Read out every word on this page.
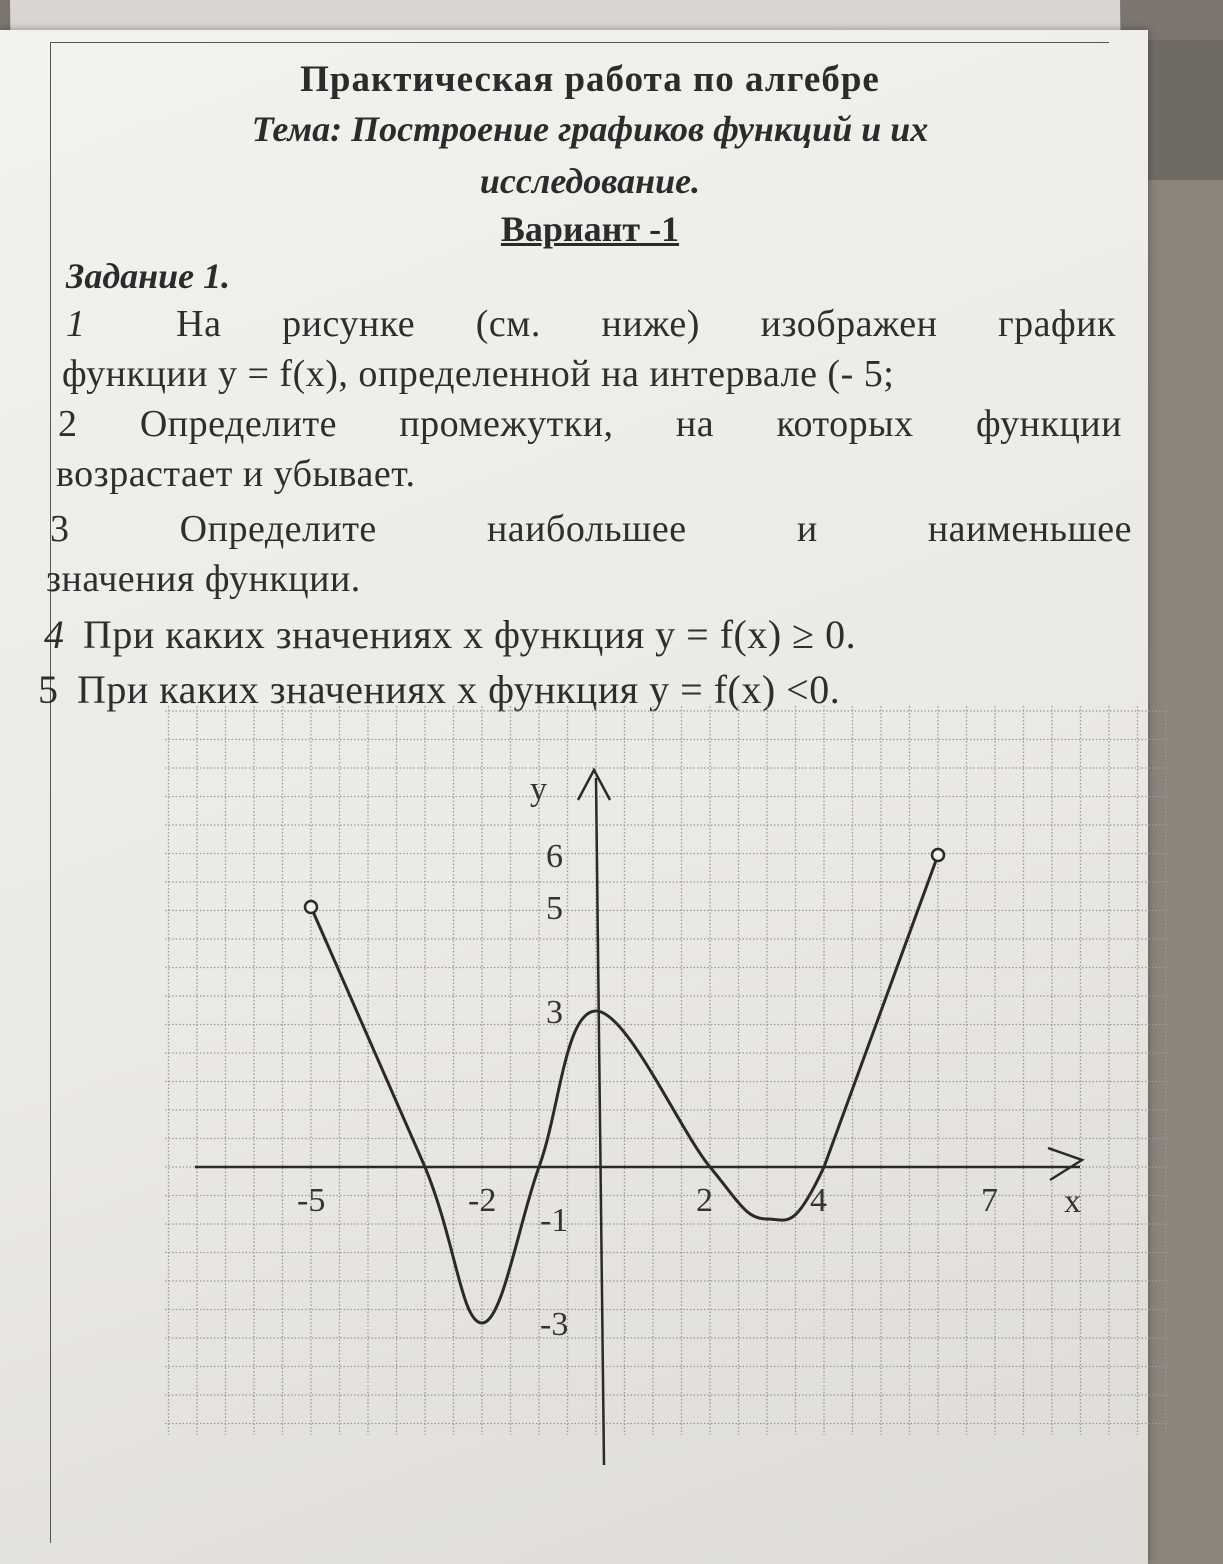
Практическая работа по алгебре
Тема: Построение графиков функций и их
исследование.
Вариант -1
Задание 1.
1 На рисунке (см. ниже) изображен график
функции y = f(x), определенной на интервале (- 5;
2 Определите промежутки, на которых функции
возрастает и убывает.
3	Определите	наибольшее	и	наименьшее
значения функции.
4 При каких значениях x функция y = f(x) ≥ 0.
5 При каких значениях x функция y = f(x) <0.
x
y
-5	-2	2	4	7
6
5
3
-1
-3
